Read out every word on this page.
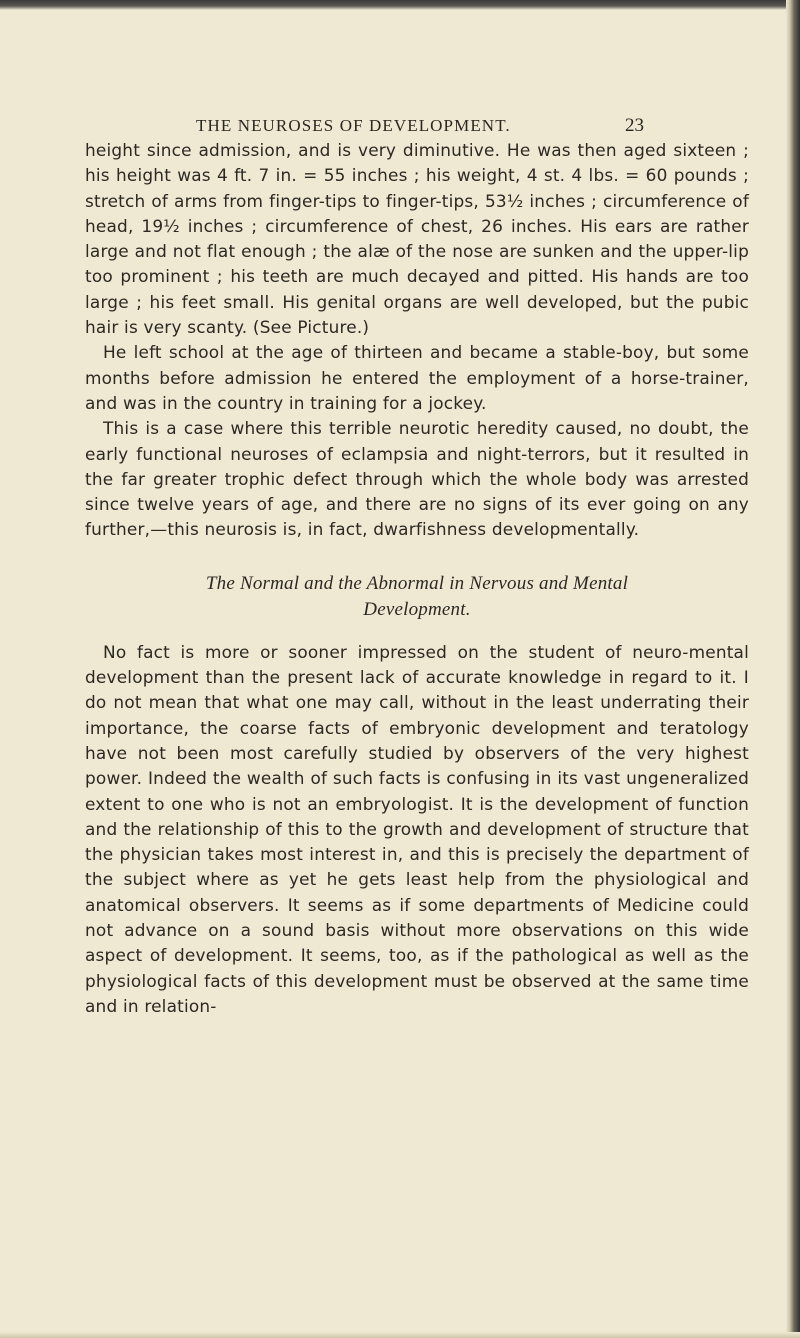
THE NEUROSES OF DEVELOPMENT.	23

height since admission, and is very diminutive. He was then aged sixteen ; his height was 4 ft. 7 in. = 55 inches ; his weight, 4 st. 4 lbs. = 60 pounds ; stretch of arms from finger-tips to finger-tips, 53½ inches ; circumference of head, 19½ inches ; circumference of chest, 26 inches. His ears are rather large and not flat enough ; the alæ of the nose are sunken and the upper-lip too prominent ; his teeth are much decayed and pitted. His hands are too large ; his feet small. His genital organs are well developed, but the pubic hair is very scanty. (See Picture.)

He left school at the age of thirteen and became a stable-boy, but some months before admission he entered the employment of a horse-trainer, and was in the country in training for a jockey.

This is a case where this terrible neurotic heredity caused, no doubt, the early functional neuroses of eclampsia and night-terrors, but it resulted in the far greater trophic defect through which the whole body was arrested since twelve years of age, and there are no signs of its ever going on any further,—this neurosis is, in fact, dwarfishness developmentally.

The Normal and the Abnormal in Nervous and Mental
Development.

No fact is more or sooner impressed on the student of neuro-mental development than the present lack of accurate knowledge in regard to it. I do not mean that what one may call, without in the least underrating their importance, the coarse facts of embryonic development and teratology have not been most carefully studied by observers of the very highest power. Indeed the wealth of such facts is confusing in its vast ungeneralized extent to one who is not an embryologist. It is the development of function and the relationship of this to the growth and development of structure that the physician takes most interest in, and this is precisely the department of the subject where as yet he gets least help from the physiological and anatomical observers. It seems as if some departments of Medicine could not advance on a sound basis without more observations on this wide aspect of development. It seems, too, as if the pathological as well as the physiological facts of this development must be observed at the same time and in relation-
